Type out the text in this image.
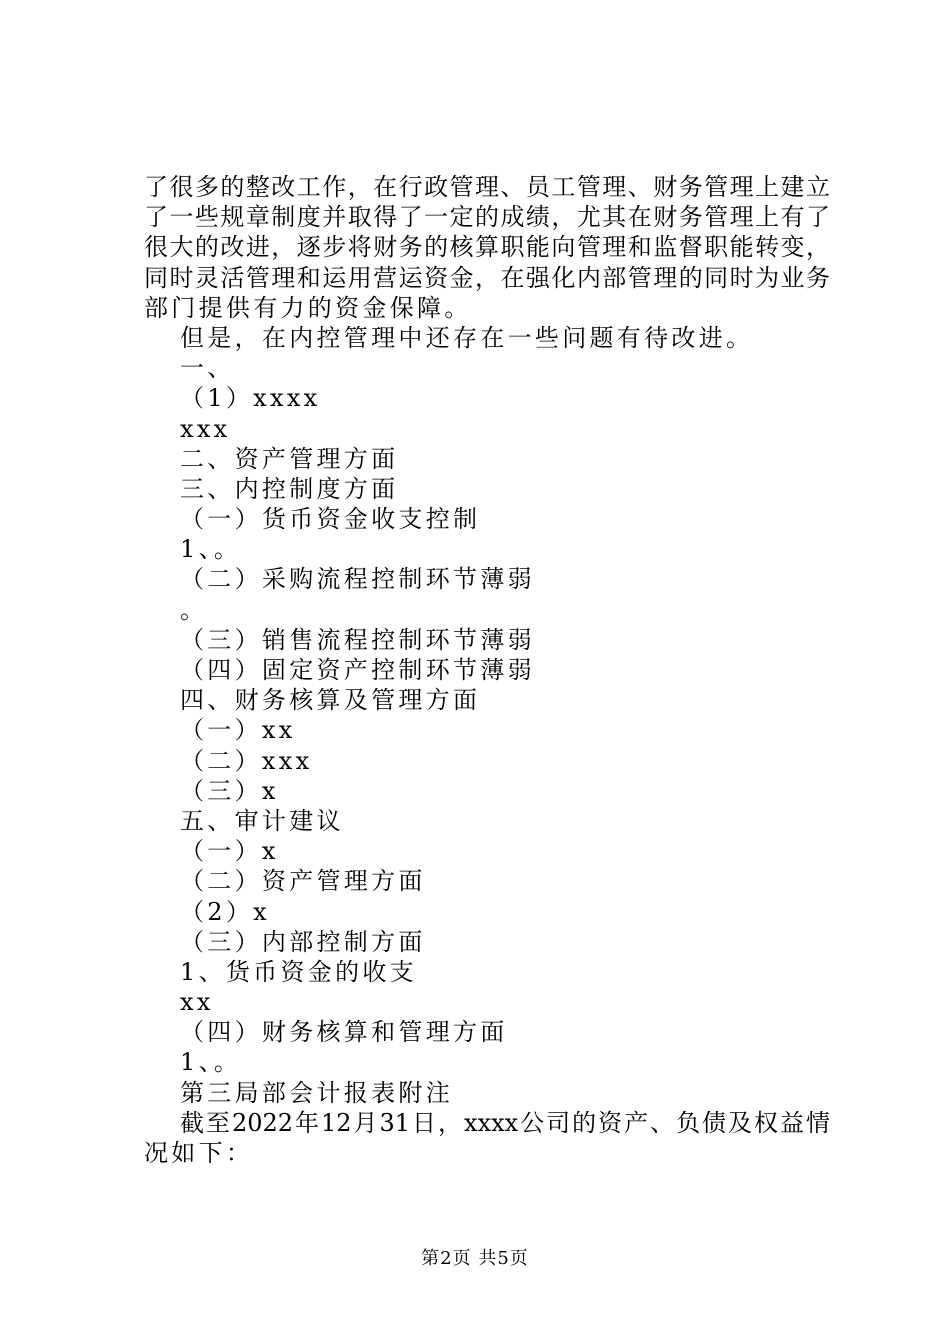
了很多的整改工作，在行政管理、员工管理、财务管理上建立
了一些规章制度并取得了一定的成绩，尤其在财务管理上有了
很大的改进，逐步将财务的核算职能向管理和监督职能转变，
同时灵活管理和运用营运资金，在强化内部管理的同时为业务
部门提供有力的资金保障。
但是，在内控管理中还存在一些问题有待改进。
一、
（1）xxxx
xxx
二、资产管理方面
三、内控制度方面
（一）货币资金收支控制
1、。
（二）采购流程控制环节薄弱
。
（三）销售流程控制环节薄弱
（四）固定资产控制环节薄弱
四、财务核算及管理方面
（一）xx
（二）xxx
（三）x
五、审计建议
（一）x
（二）资产管理方面
（2）x
（三）内部控制方面
1、货币资金的收支
xx
（四）财务核算和管理方面
1、。
第三局部会计报表附注
截至2022年12月31日，xxxx公司的资产、负债及权益情
况如下：
第2页 共5页
